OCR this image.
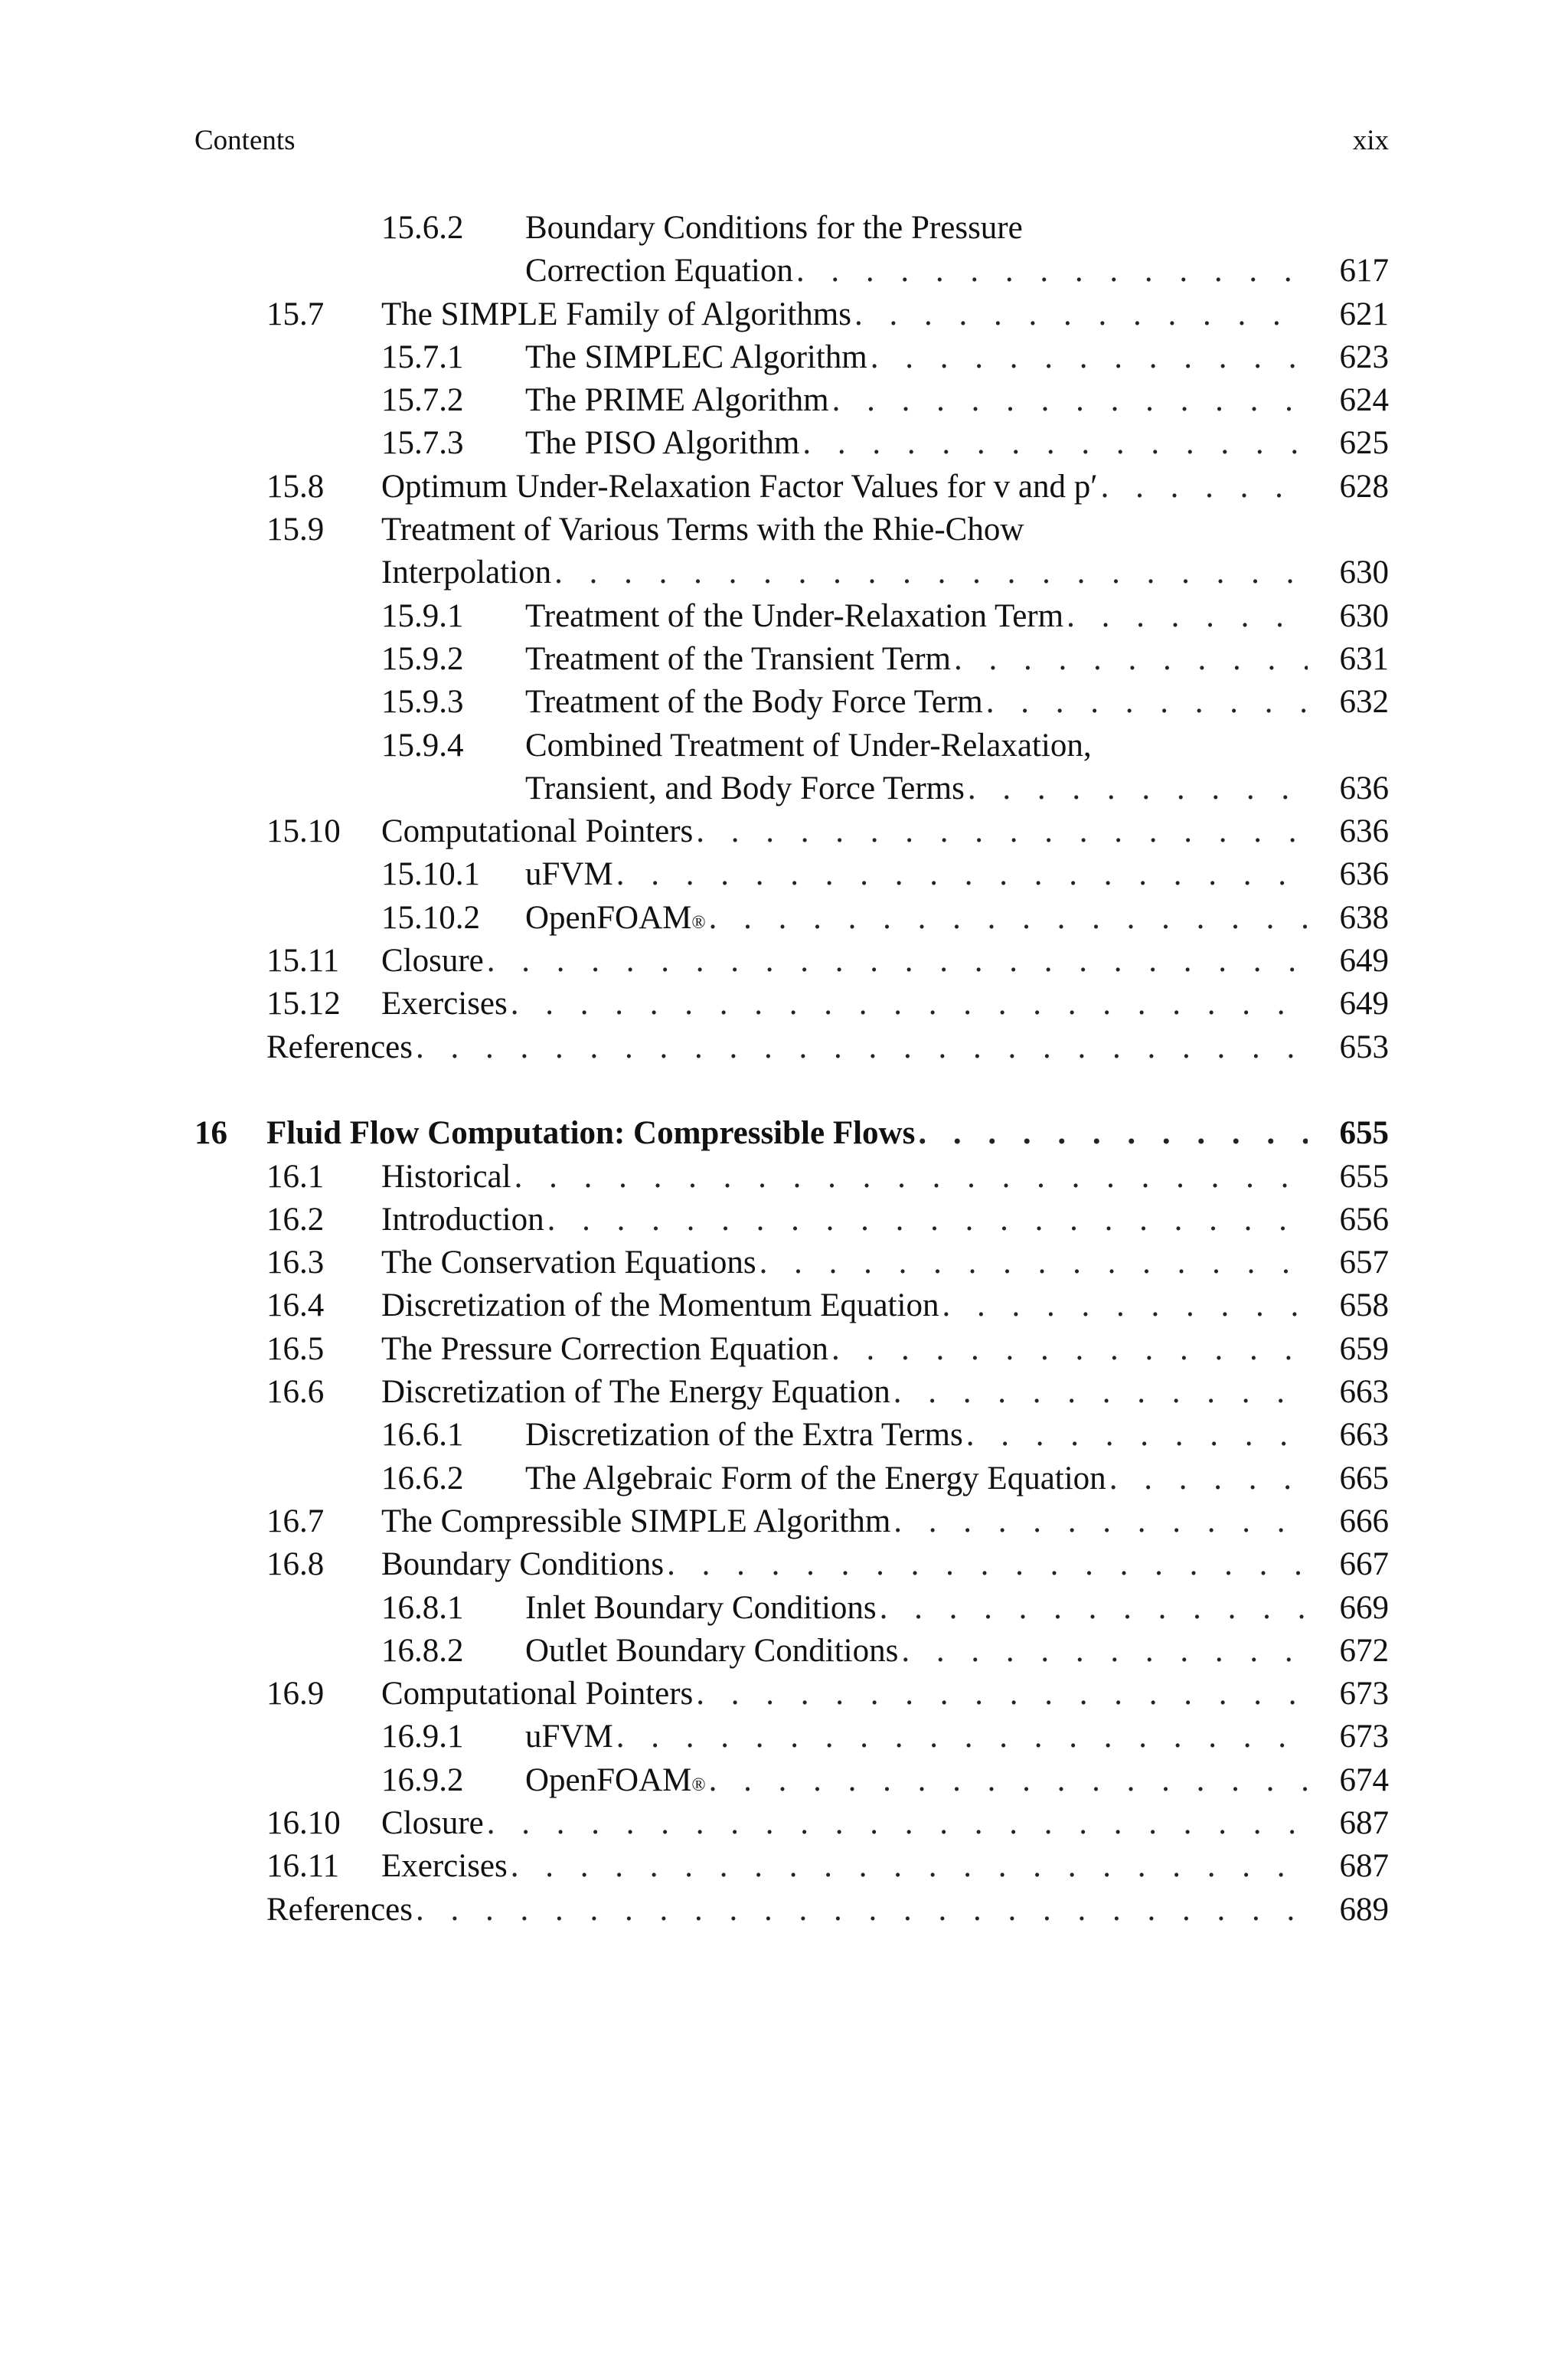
Contents	xix
15.6.2 Boundary Conditions for the Pressure
Correction Equation . . .	617
15.7 The SIMPLE Family of Algorithms . . .	621
15.7.1 The SIMPLEC Algorithm . . .	623
15.7.2 The PRIME Algorithm . . .	624
15.7.3 The PISO Algorithm . . .	625
15.8 Optimum Under-Relaxation Factor Values for v and p′ . . .	628
15.9 Treatment of Various Terms with the Rhie-Chow
Interpolation . . .	630
15.9.1 Treatment of the Under-Relaxation Term . . .	630
15.9.2 Treatment of the Transient Term . . .	631
15.9.3 Treatment of the Body Force Term . . .	632
15.9.4 Combined Treatment of Under-Relaxation,
Transient, and Body Force Terms . . .	636
15.10 Computational Pointers . . .	636
15.10.1 uFVM . . .	636
15.10.2 OpenFOAM ® . . .	638
15.11 Closure . . .	649
15.12 Exercises . . .	649
References . . .	653
16 Fluid Flow Computation: Compressible Flows . . .	655
16.1 Historical . . .	655
16.2 Introduction . . .	656
16.3 The Conservation Equations . . .	657
16.4 Discretization of the Momentum Equation . . .	658
16.5 The Pressure Correction Equation . . .	659
16.6 Discretization of The Energy Equation . . .	663
16.6.1 Discretization of the Extra Terms . . .	663
16.6.2 The Algebraic Form of the Energy Equation . . .	665
16.7 The Compressible SIMPLE Algorithm . . .	666
16.8 Boundary Conditions . . .	667
16.8.1 Inlet Boundary Conditions . . .	669
16.8.2 Outlet Boundary Conditions . . .	672
16.9 Computational Pointers . . .	673
16.9.1 uFVM . . .	673
16.9.2 OpenFOAM ® . . .	674
16.10 Closure . . .	687
16.11 Exercises . . .	687
References . . .	689
